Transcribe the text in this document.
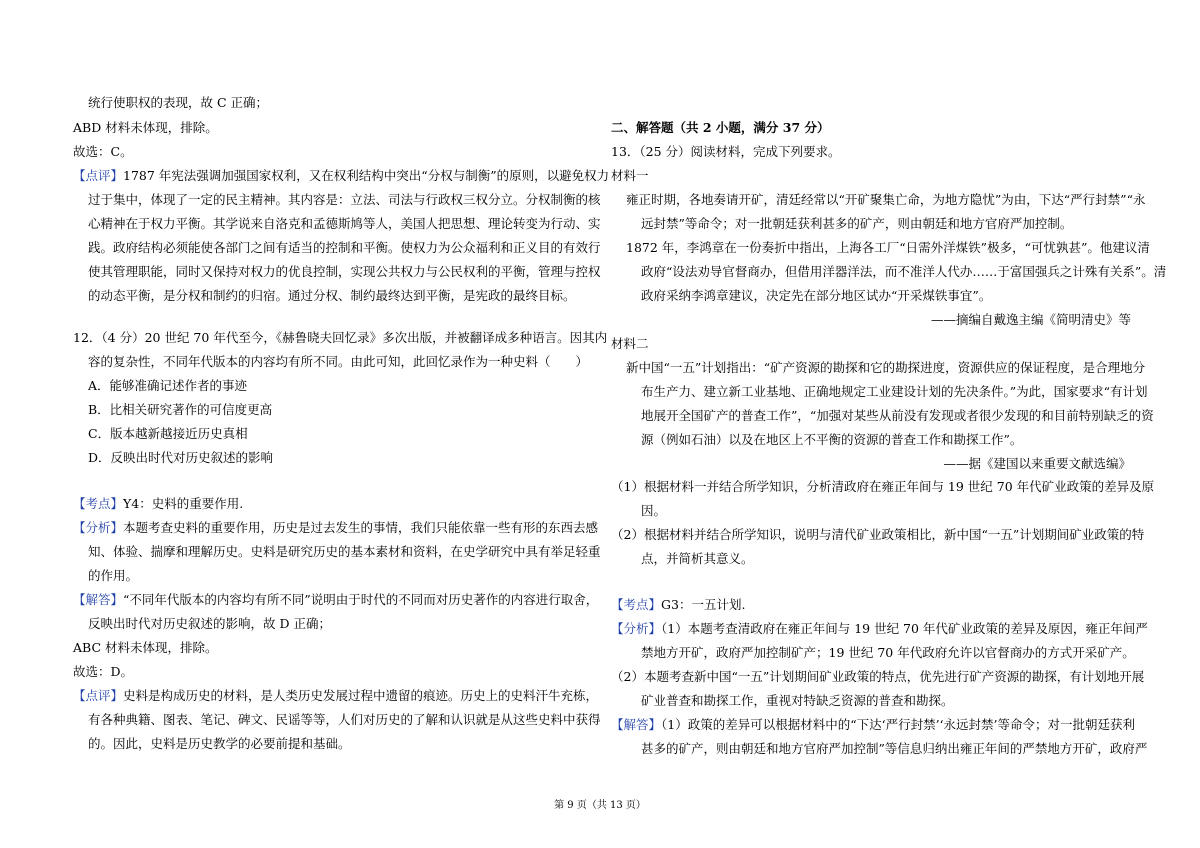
统行使职权的表现，故 C 正确；
ABD 材料未体现，排除。
故选：C。
【点评】1787 年宪法强调加强国家权利，又在权利结构中突出“分权与制衡”的原则，以避免权力
过于集中，体现了一定的民主精神。其内容是：立法、司法与行政权三权分立。分权制衡的核
心精神在于权力平衡。其学说来自洛克和孟德斯鸠等人，美国人把思想、理论转变为行动、实
践。政府结构必须能使各部门之间有适当的控制和平衡。使权力为公众福利和正义目的有效行
使其管理职能，同时又保持对权力的优良控制，实现公共权力与公民权利的平衡，管理与控权
的动态平衡，是分权和制约的归宿。通过分权、制约最终达到平衡，是宪政的最终目标。
12．（4 分）20 世纪 70 年代至今，《赫鲁晓夫回忆录》多次出版，并被翻译成多种语言。因其内
容的复杂性，不同年代版本的内容均有所不同。由此可知，此回忆录作为一种史料（　　）
A．能够准确记述作者的事迹
B．比相关研究著作的可信度更高
C．版本越新越接近历史真相
D．反映出时代对历史叙述的影响
【考点】Y4：史料的重要作用.
【分析】本题考查史料的重要作用，历史是过去发生的事情，我们只能依靠一些有形的东西去感
知、体验、揣摩和理解历史。史料是研究历史的基本素材和资料，在史学研究中具有举足轻重
的作用。
【解答】“不同年代版本的内容均有所不同”说明由于时代的不同而对历史著作的内容进行取舍，
反映出时代对历史叙述的影响，故 D 正确；
ABC 材料未体现，排除。
故选：D。
【点评】史料是构成历史的材料，是人类历史发展过程中遗留的痕迹。历史上的史料汗牛充栋，
有各种典籍、图表、笔记、碑文、民谣等等，人们对历史的了解和认识就是从这些史料中获得
的。因此，史料是历史教学的必要前提和基础。
二、解答题（共 2 小题，满分 37 分）
13．（25 分）阅读材料，完成下列要求。
材料一
雍正时期，各地奏请开矿，清廷经常以“开矿聚集亡命，为地方隐忧”为由，下达“严行封禁”“永
远封禁”等命令；对一批朝廷获利甚多的矿产，则由朝廷和地方官府严加控制。
1872 年，李鸿章在一份奏折中指出，上海各工厂“日需外洋煤铁”极多，“可忧孰甚”。他建议清
政府“设法劝导官督商办，但借用洋器洋法，而不准洋人代办……于富国强兵之计殊有关系”。清
政府采纳李鸿章建议，决定先在部分地区试办“开采煤铁事宜”。
——摘编自戴逸主编《简明清史》等
材料二
新中国“一五”计划指出：“矿产资源的勘探和它的勘探进度，资源供应的保证程度，是合理地分
布生产力、建立新工业基地、正确地规定工业建设计划的先决条件。”为此，国家要求“有计划
地展开全国矿产的普查工作”，“加强对某些从前没有发现或者很少发现的和目前特别缺乏的资
源（例如石油）以及在地区上不平衡的资源的普查工作和勘探工作”。
——据《建国以来重要文献选编》
（1）根据材料一并结合所学知识，分析清政府在雍正年间与 19 世纪 70 年代矿业政策的差异及原
因。
（2）根据材料并结合所学知识，说明与清代矿业政策相比，新中国“一五”计划期间矿业政策的特
点，并简析其意义。
【考点】G3：一五计划.
【分析】（1）本题考查清政府在雍正年间与 19 世纪 70 年代矿业政策的差异及原因，雍正年间严
禁地方开矿，政府严加控制矿产；19 世纪 70 年代政府允许以官督商办的方式开采矿产。
（2）本题考查新中国“一五”计划期间矿业政策的特点，优先进行矿产资源的勘探，有计划地开展
矿业普查和勘探工作，重视对特缺乏资源的普查和勘探。
【解答】（1）政策的差异可以根据材料中的“下达‘严行封禁’‘永远封禁’等命令；对一批朝廷获利
甚多的矿产，则由朝廷和地方官府严加控制”等信息归纳出雍正年间的严禁地方开矿，政府严
第 9 页（共 13 页）
